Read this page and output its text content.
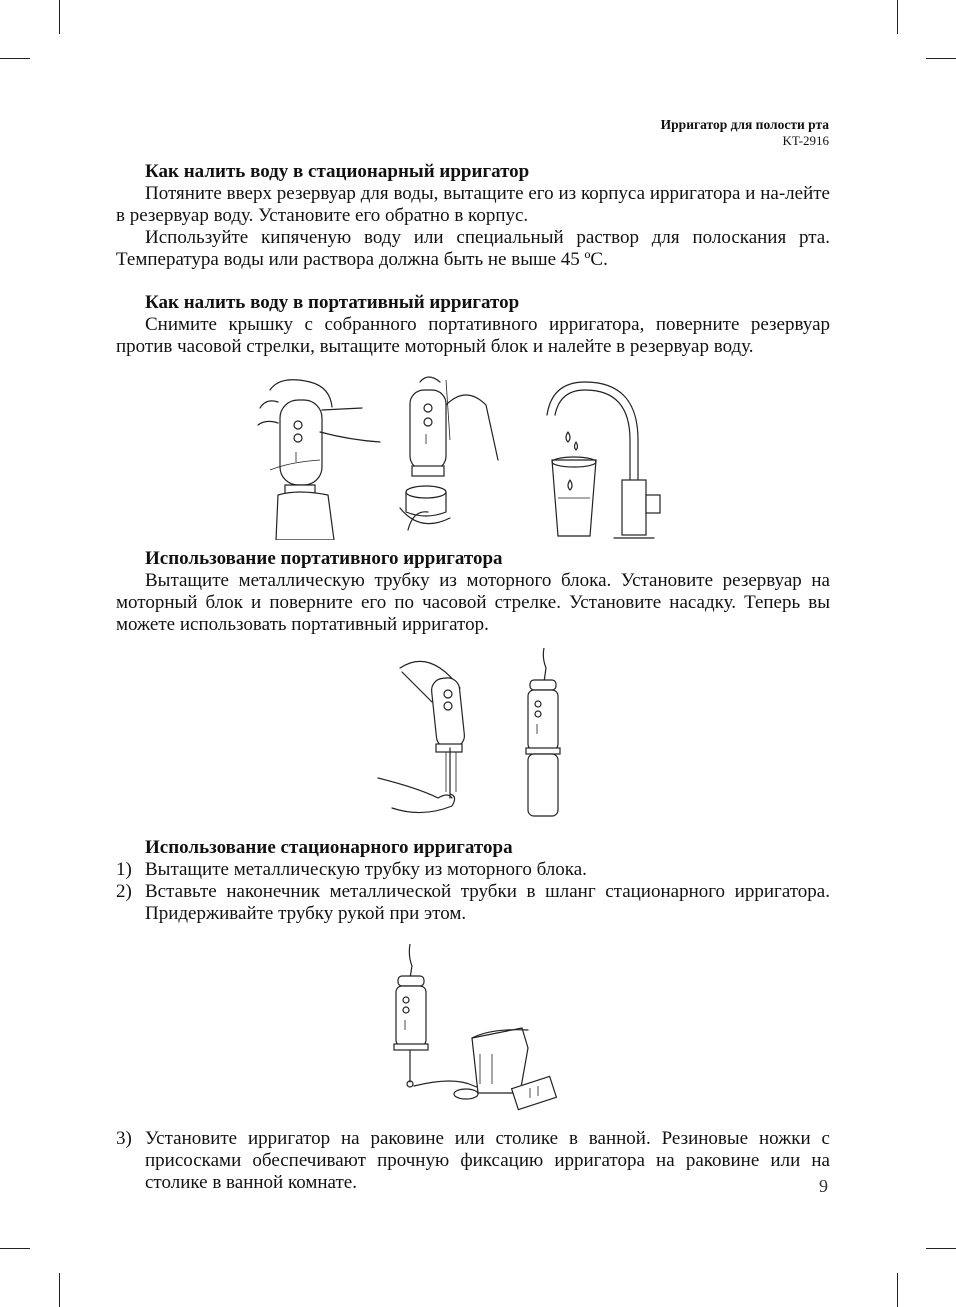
Ирригатор для полости рта
KT-2916

Как налить воду в стационарный ирригатор

Потяните вверх резервуар для воды, вытащите его из корпуса ирригатора и на-лейте в резервуар воду. Установите его обратно в корпус.

Используйте кипяченую воду или специальный раствор для полоскания рта. Температура воды или раствора должна быть не выше 45 ºС.

Как налить воду в портативный ирригатор

Снимите крышку с собранного портативного ирригатора, поверните резервуар против часовой стрелки, вытащите моторный блок и налейте в резервуар воду.

Использование портативного ирригатора

Вытащите металлическую трубку из моторного блока. Установите резервуар на моторный блок и поверните его по часовой стрелке. Установите насадку. Теперь вы можете использовать портативный ирригатор.

Использование стационарного ирригатора

1) Вытащите металлическую трубку из моторного блока.
2) Вставьте наконечник металлической трубки в шланг стационарного ирригатора. Придерживайте трубку рукой при этом.
3) Установите ирригатор на раковине или столике в ванной. Резиновые ножки с присосками обеспечивают прочную фиксацию ирригатора на раковине или на столике в ванной комнате.	9
